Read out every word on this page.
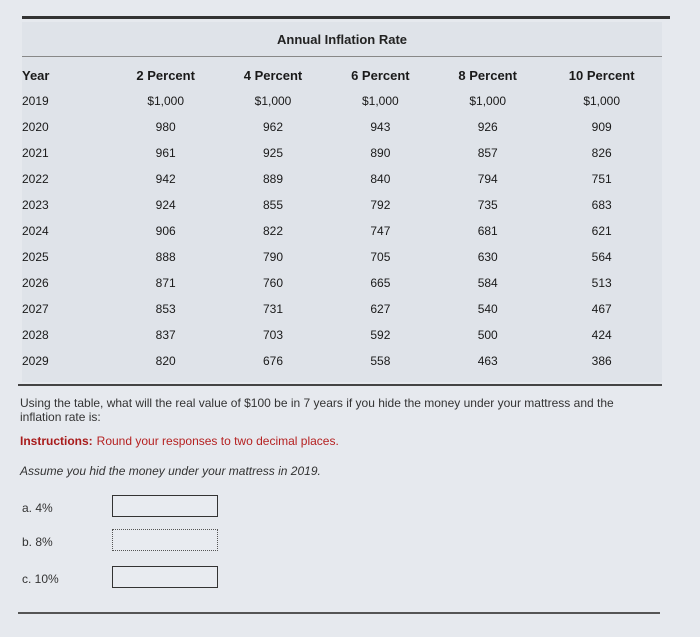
Annual Inflation Rate
Year	2 Percent	4 Percent	6 Percent	8 Percent	10 Percent
2019	$1,000	$1,000	$1,000	$1,000	$1,000
2020	980	962	943	926	909
2021	961	925	890	857	826
2022	942	889	840	794	751
2023	924	855	792	735	683
2024	906	822	747	681	621
2025	888	790	705	630	564
2026	871	760	665	584	513
2027	853	731	627	540	467
2028	837	703	592	500	424
2029	820	676	558	463	386
Using the table, what will the real value of $100 be in 7 years if you hide the money under your mattress and the inflation rate is:
Instructions: Round your responses to two decimal places.
Assume you hid the money under your mattress in 2019.
a. 4%
b. 8%
c. 10%
